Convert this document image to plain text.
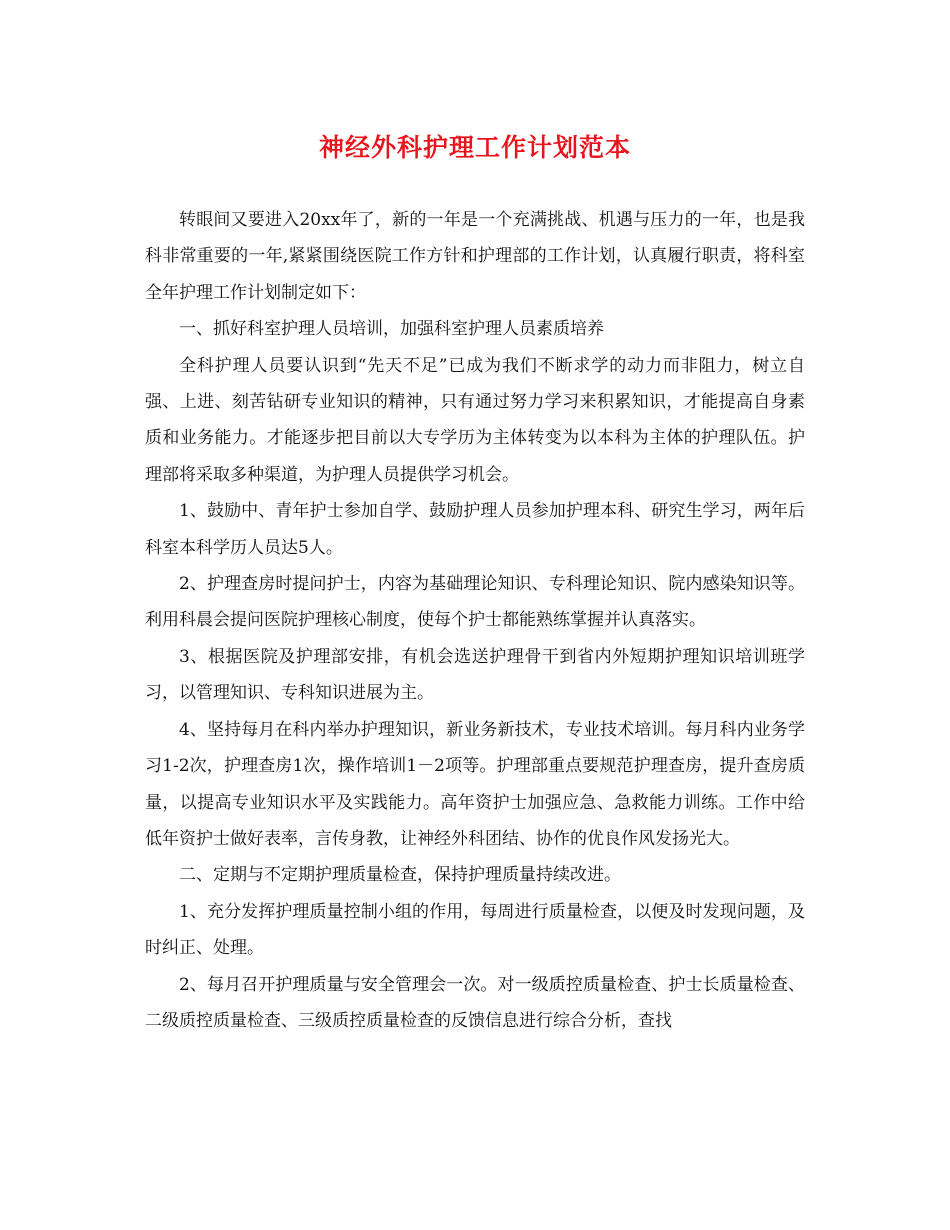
神经外科护理工作计划范本

转眼间又要进入20xx年了，新的一年是一个充满挑战、机遇与压力的一年，也是我科非常重要的一年,紧紧围绕医院工作方针和护理部的工作计划，认真履行职责，将科室全年护理工作计划制定如下：

一、抓好科室护理人员培训，加强科室护理人员素质培养

全科护理人员要认识到“先天不足”已成为我们不断求学的动力而非阻力，树立自强、上进、刻苦钻研专业知识的精神，只有通过努力学习来积累知识，才能提高自身素质和业务能力。才能逐步把目前以大专学历为主体转变为以本科为主体的护理队伍。护理部将采取多种渠道，为护理人员提供学习机会。

1、鼓励中、青年护士参加自学、鼓励护理人员参加护理本科、研究生学习，两年后科室本科学历人员达5人。

2、护理查房时提问护士，内容为基础理论知识、专科理论知识、院内感染知识等。利用科晨会提问医院护理核心制度，使每个护士都能熟练掌握并认真落实。

3、根据医院及护理部安排，有机会选送护理骨干到省内外短期护理知识培训班学习，以管理知识、专科知识进展为主。

4、坚持每月在科内举办护理知识，新业务新技术，专业技术培训。每月科内业务学习1-2次，护理查房1次，操作培训1－2项等。护理部重点要规范护理查房，提升查房质量，以提高专业知识水平及实践能力。高年资护士加强应急、急救能力训练。工作中给低年资护士做好表率，言传身教，让神经外科团结、协作的优良作风发扬光大。

二、定期与不定期护理质量检查，保持护理质量持续改进。

1、充分发挥护理质量控制小组的作用，每周进行质量检查，以便及时发现问题，及时纠正、处理。

2、每月召开护理质量与安全管理会一次。对一级质控质量检查、护士长质量检查、二级质控质量检查、三级质控质量检查的反馈信息进行综合分析，查找
